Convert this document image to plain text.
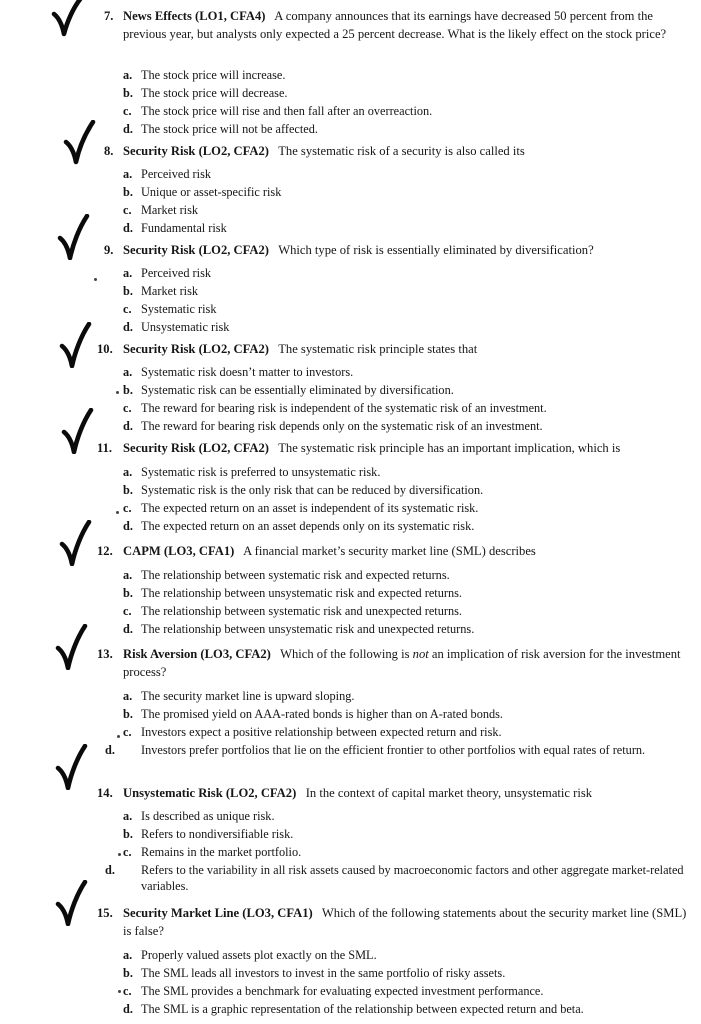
7. News Effects (LO1, CFA4) A company announces that its earnings have decreased 50 percent from the previous year, but analysts only expected a 25 percent decrease. What is the likely effect on the stock price?
a. The stock price will increase.
b. The stock price will decrease.
c. The stock price will rise and then fall after an overreaction.
d. The stock price will not be affected.
8. Security Risk (LO2, CFA2) The systematic risk of a security is also called its
a. Perceived risk
b. Unique or asset-specific risk
c. Market risk
d. Fundamental risk
9. Security Risk (LO2, CFA2) Which type of risk is essentially eliminated by diversification?
a. Perceived risk
b. Market risk
c. Systematic risk
d. Unsystematic risk
10. Security Risk (LO2, CFA2) The systematic risk principle states that
a. Systematic risk doesn’t matter to investors.
b. Systematic risk can be essentially eliminated by diversification.
c. The reward for bearing risk is independent of the systematic risk of an investment.
d. The reward for bearing risk depends only on the systematic risk of an investment.
11. Security Risk (LO2, CFA2) The systematic risk principle has an important implication, which is
a. Systematic risk is preferred to unsystematic risk.
b. Systematic risk is the only risk that can be reduced by diversification.
c. The expected return on an asset is independent of its systematic risk.
d. The expected return on an asset depends only on its systematic risk.
12. CAPM (LO3, CFA1) A financial market’s security market line (SML) describes
a. The relationship between systematic risk and expected returns.
b. The relationship between unsystematic risk and expected returns.
c. The relationship between systematic risk and unexpected returns.
d. The relationship between unsystematic risk and unexpected returns.
13. Risk Aversion (LO3, CFA2) Which of the following is not an implication of risk aversion for the investment process?
a. The security market line is upward sloping.
b. The promised yield on AAA-rated bonds is higher than on A-rated bonds.
c. Investors expect a positive relationship between expected return and risk.
d. Investors prefer portfolios that lie on the efficient frontier to other portfolios with equal rates of return.
14. Unsystematic Risk (LO2, CFA2) In the context of capital market theory, unsystematic risk
a. Is described as unique risk.
b. Refers to nondiversifiable risk.
c. Remains in the market portfolio.
d. Refers to the variability in all risk assets caused by macroeconomic factors and other aggregate market-related variables.
15. Security Market Line (LO3, CFA1) Which of the following statements about the security market line (SML) is false?
a. Properly valued assets plot exactly on the SML.
b. The SML leads all investors to invest in the same portfolio of risky assets.
c. The SML provides a benchmark for evaluating expected investment performance.
d. The SML is a graphic representation of the relationship between expected return and beta.
